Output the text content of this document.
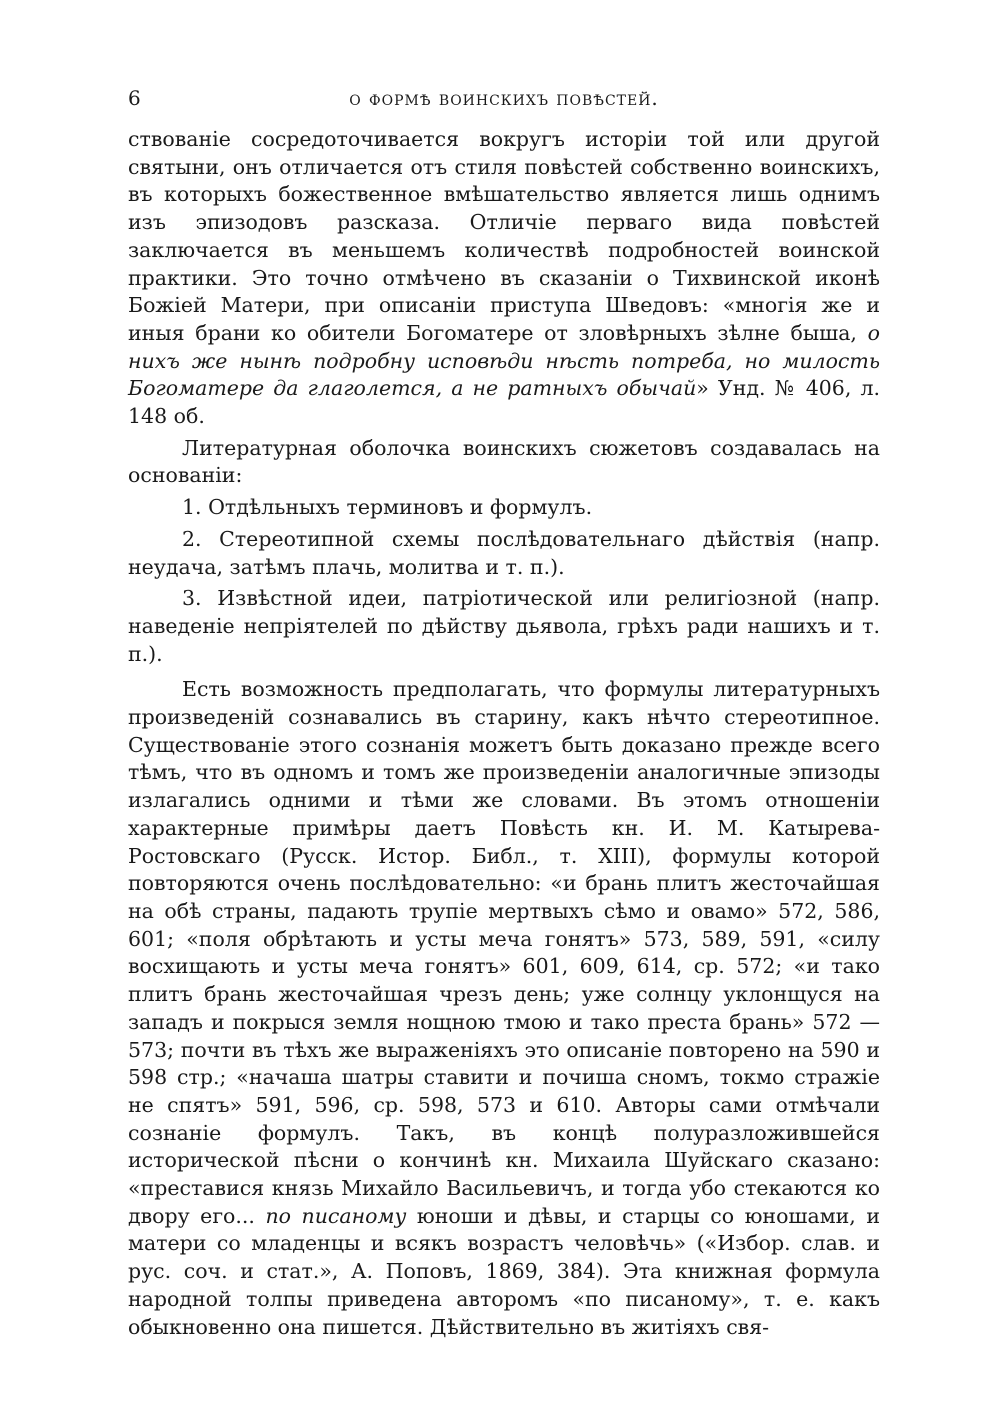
6	о формѣ воинскихъ повѣстей.

ствованіе сосредоточивается вокругъ исторіи той или другой святыни, онъ отличается отъ стиля повѣстей собственно воинскихъ, въ которыхъ божественное вмѣшательство является лишь однимъ изъ эпизодовъ разсказа. Отличіе перваго вида повѣстей заключается въ меньшемъ количествѣ подробностей воинской практики. Это точно отмѣчено въ сказаніи о Тихвинской иконѣ Божіей Матери, при описаніи приступа Шведовъ: «многія же и иныя брани ко обители Богоматере от зловѣрныхъ зѣлне быша, о нихъ же нынѣ подробну исповѣди нѣсть потреба, но милость Богоматере да глаголется, а не ратныхъ обычай» Унд. № 406, л. 148 об.

Литературная оболочка воинскихъ сюжетовъ создавалась на основаніи:

1. Отдѣльныхъ терминовъ и формулъ.

2. Стереотипной схемы послѣдовательнаго дѣйствія (напр. неудача, затѣмъ плачь, молитва и т. п.).

3. Извѣстной идеи, патріотической или религіозной (напр. наведеніе непріятелей по дѣйству дьявола, грѣхъ ради нашихъ и т. п.).

Есть возможность предполагать, что формулы литературныхъ произведеній сознавались въ старину, какъ нѣчто стереотипное. Существованіе этого сознанія можетъ быть доказано прежде всего тѣмъ, что въ одномъ и томъ же произведеніи аналогичные эпизоды излагались одними и тѣми же словами. Въ этомъ отношеніи характерные примѣры даетъ Повѣсть кн. И. М. Катырева-Ростовскаго (Русск. Истор. Библ., т. XIII), формулы которой повторяются очень послѣдовательно: «и брань плитъ жесточайшая на обѣ страны, падають трупіе мертвыхъ сѣмо и овамо» 572, 586, 601; «поля обрѣтають и усты меча гонятъ» 573, 589, 591, «силу восхищають и усты меча гонятъ» 601, 609, 614, ср. 572; «и тако плитъ брань жесточайшая чрезъ день; уже солнцу уклонщуся на западъ и покрыся земля нощною тмою и тако преста брань» 572 — 573; почти въ тѣхъ же выраженіяхъ это описаніе повторено на 590 и 598 стр.; «начаша шатры ставити и почиша сномъ, токмо стражіе не спятъ» 591, 596, ср. 598, 573 и 610. Авторы сами отмѣчали сознаніе формулъ. Такъ, въ концѣ полуразложившейся исторической пѣсни о кончинѣ кн. Михаила Шуйскаго сказано: «преставися князь Михайло Васильевичъ, и тогда убо стекаются ко двору его... по писаному юноши и дѣвы, и старцы со юношами, и матери со младенцы и всякъ возрастъ человѣчь» («Избор. слав. и рус. соч. и стат.», А. Поповъ, 1869, 384). Эта книжная формула народной толпы приведена авторомъ «по писаному», т. е. какъ обыкновенно она пишется. Дѣйствительно въ житіяхъ свя-
